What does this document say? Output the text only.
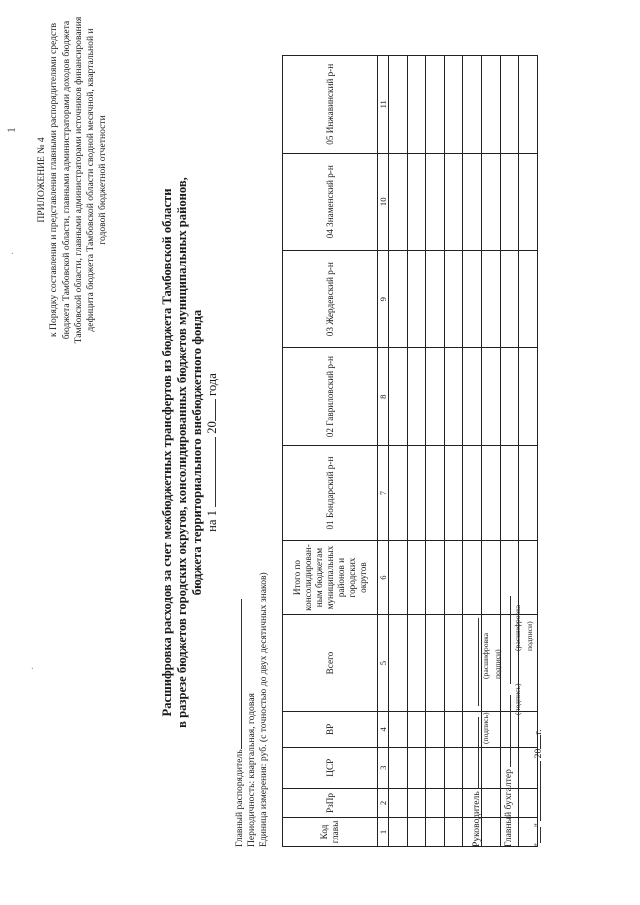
1
·
·
ПРИЛОЖЕНИЕ № 4 к Порядку составления и представления главными распорядителями средств бюджета Тамбовской области, главными администраторами доходов бюджета Тамбовской области, главными администраторами источников финансирования дефицита бюджета Тамбовской области сводной месячной, квартальной и годовой бюджетной отчетности
Расшифровка расходов за счет межбюджетных трансфертов из бюджета Тамбовской области в разрезе бюджетов городских округов, консолидированных бюджетов муниципальных районов, бюджета территориального внебюджетного фонда на 1  20 года
Главный распорядитель Периодичность: квартальная, годовая Единица измерения: руб. (с точностью до двух десятичных знаков)	Код главы	РзПр	ЦСР	ВР	Всего	Итого по консолидирован- ным бюджетам муниципальных районов и городских округов	01 Бондарский р-н	02 Гавриловский р-н	03 Жердевский р-н	04 Знаменский р-н	05 Инжавинский р-н
1	2	3	4	5	6	7	8	9	10	11

Руководитель
(подпись)
(расшифровка подписи)
Главный бухгалтер
(подпись)
(расшифровка подписи)
""  20г.
